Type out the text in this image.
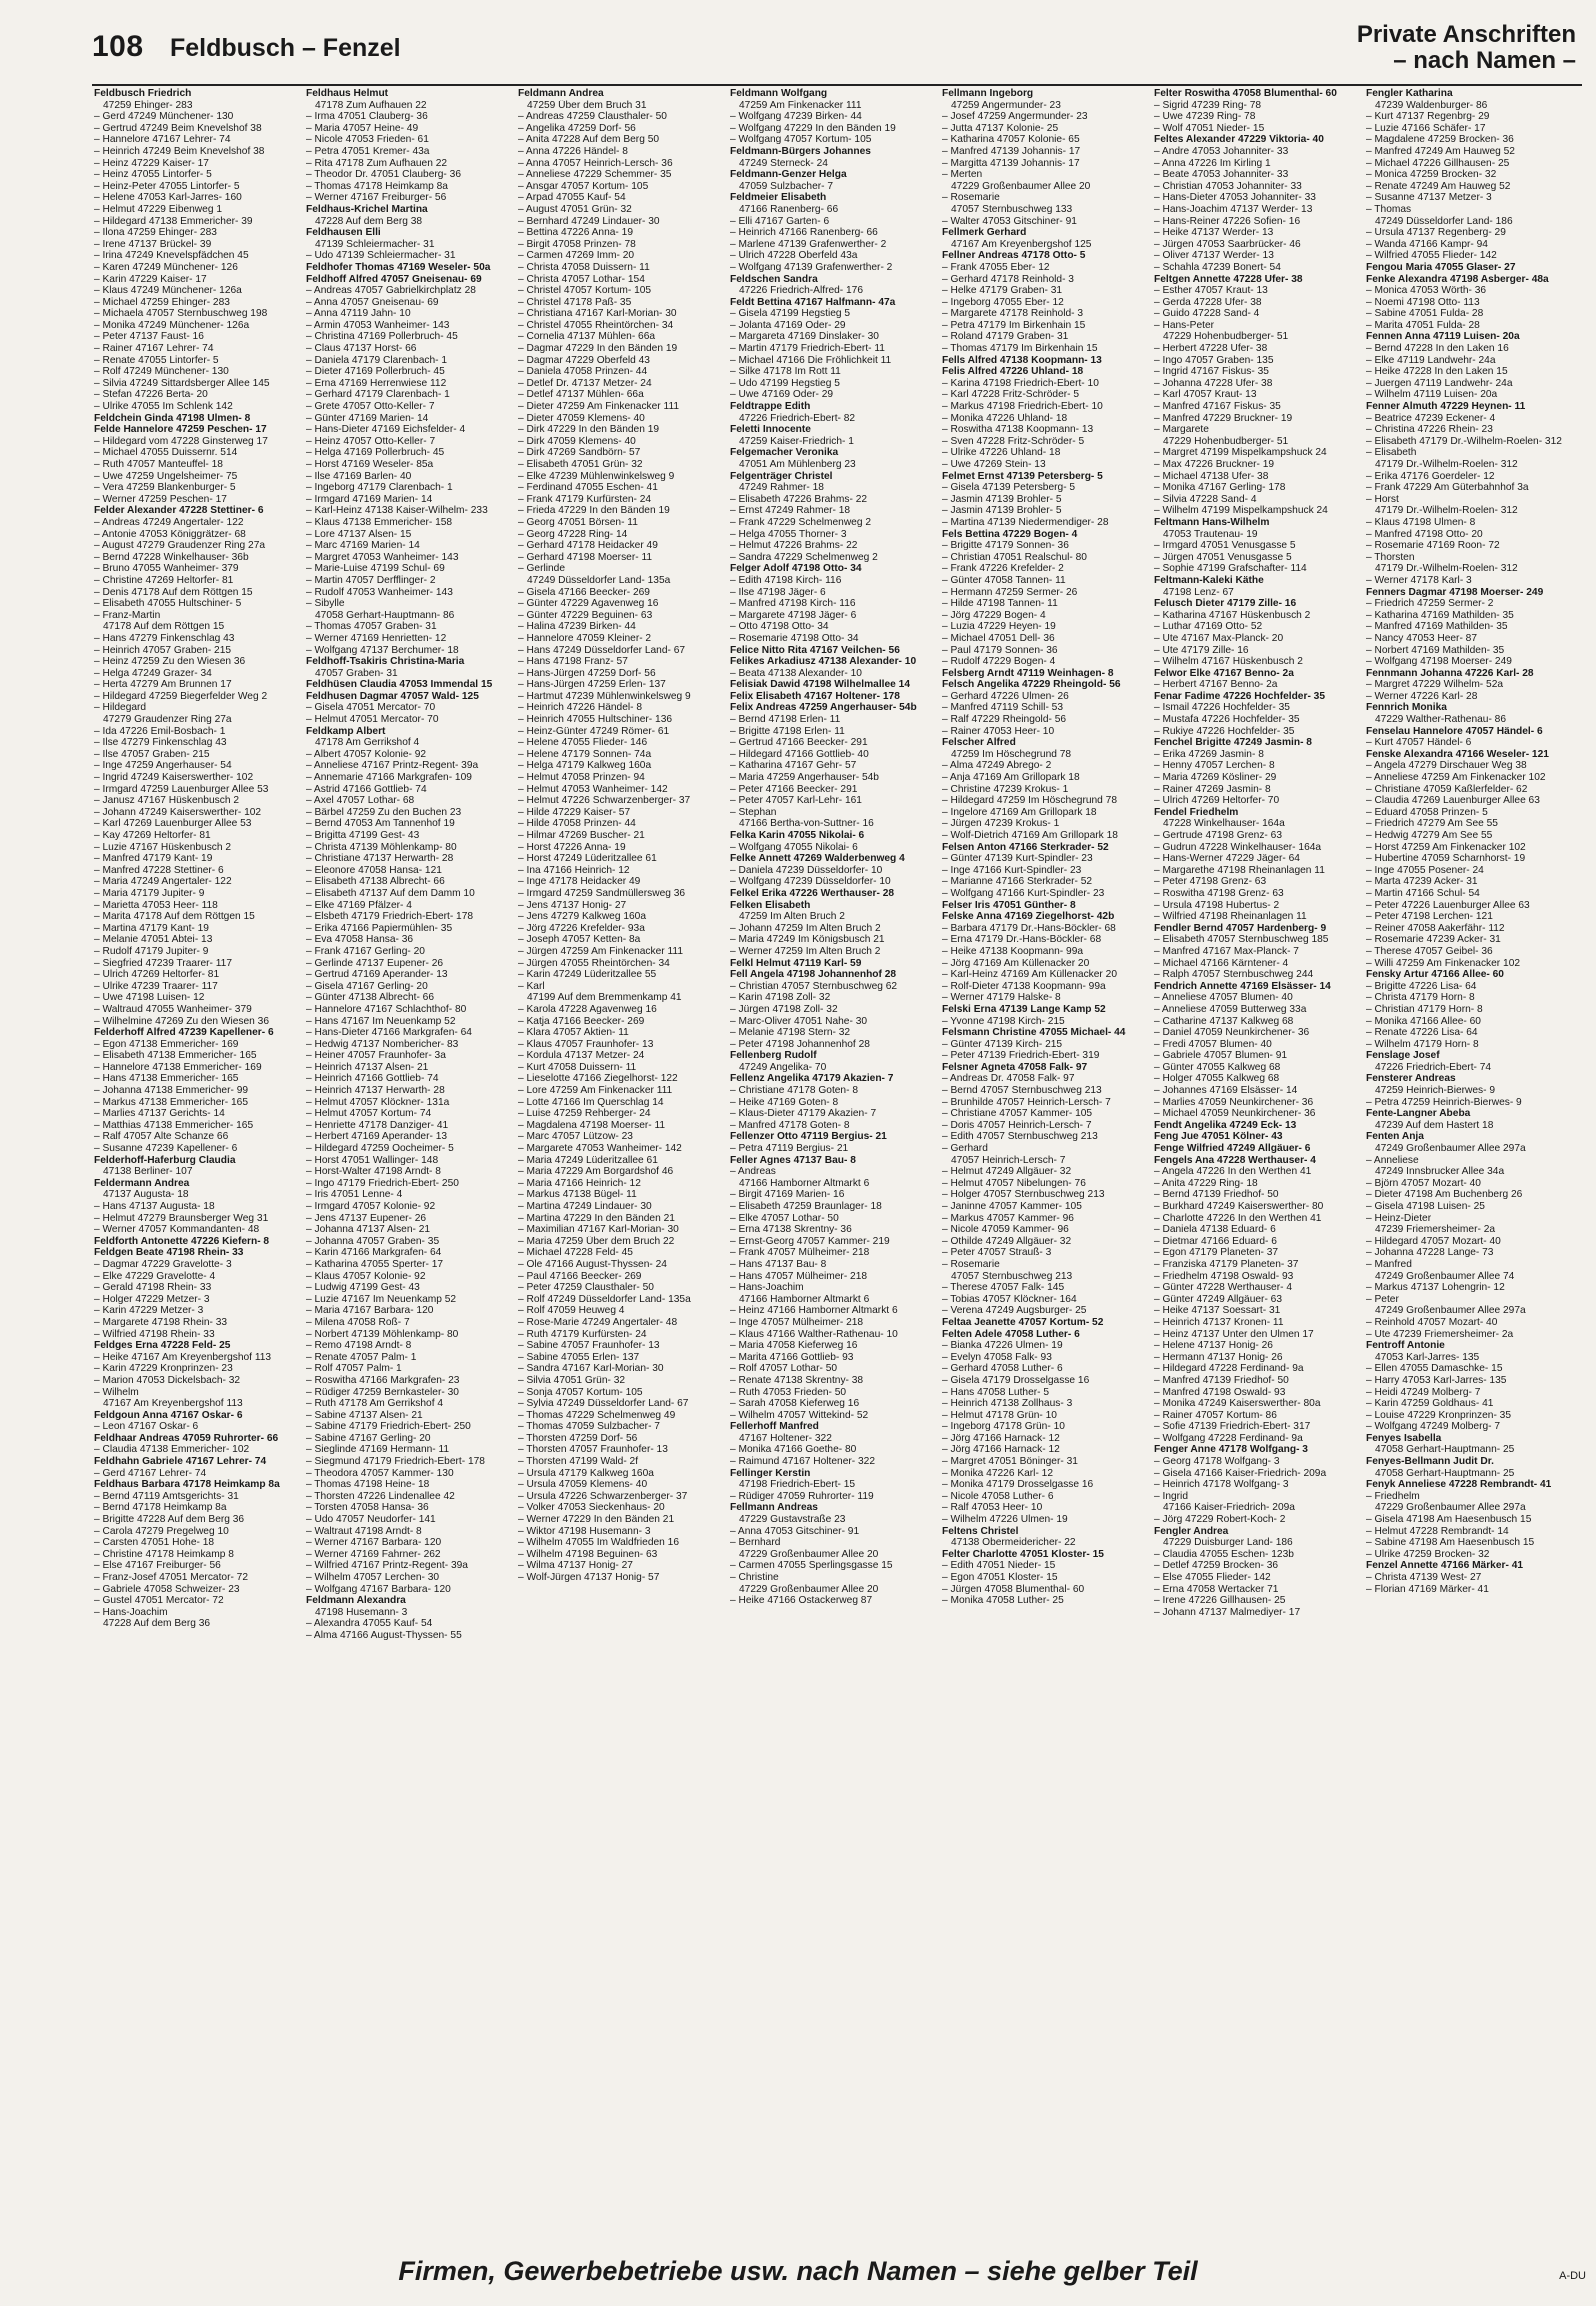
108 Feldbusch – Fenzel	Private Anschriften
– nach Namen –
Feldbusch Friedrich
47259 Ehinger- 283
– Gerd 47249 Münchener- 130
– Gertrud 47249 Beim Knevelshof 38
– Hannelore 47167 Lehrer- 74
– Heinrich 47249 Beim Knevelshof 38
– Heinz 47229 Kaiser- 17
– Heinz 47055 Lintorfer- 5
– Heinz-Peter 47055 Lintorfer- 5
– Helene 47053 Karl-Jarres- 160
– Helmut 47229 Eibenweg 1
– Hildegard 47138 Emmericher- 39
– Ilona 47259 Ehinger- 283
– Irene 47137 Brückel- 39
– Irina 47249 Knevelspfädchen 45
– Karen 47249 Münchener- 126
– Karin 47229 Kaiser- 17
– Klaus 47249 Münchener- 126a
– Michael 47259 Ehinger- 283
– Michaela 47057 Sternbuschweg 198
– Monika 47249 Münchener- 126a
– Peter 47137 Faust- 16
– Rainer 47167 Lehrer- 74
– Renate 47055 Lintorfer- 5
– Rolf 47249 Münchener- 130
– Silvia 47249 Sittardsberger Allee 145
– Stefan 47226 Berta- 20
– Ulrike 47055 Im Schlenk 142
Feldchein Ginda 47198 Ulmen- 8
Felde Hannelore 47259 Peschen- 17
– Hildegard vom 47228 Ginsterweg 17
– Michael 47055 Duissernr. 514
– Ruth 47057 Manteuffel- 18
– Uwe 47259 Ungelsheimer- 75
– Vera 47259 Blankenburger- 5
– Werner 47259 Peschen- 17
Felder Alexander 47228 Stettiner- 6
– Andreas 47249 Angertaler- 122
– Antonie 47053 Königgrätzer- 68
– August 47279 Graudenzer Ring 27a
– Bernd 47228 Winkelhauser- 36b
– Bruno 47055 Wanheimer- 379
– Christine 47269 Heltorfer- 81
– Denis 47178 Auf dem Röttgen 15
– Elisabeth 47055 Hultschiner- 5
– Franz-Martin
47178 Auf dem Röttgen 15
– Hans 47279 Finkenschlag 43
– Heinrich 47057 Graben- 215
– Heinz 47259 Zu den Wiesen 36
– Helga 47249 Grazer- 34
– Herta 47279 Am Brunnen 17
– Hildegard 47259 Biegerfelder Weg 2
– Hildegard
47279 Graudenzer Ring 27a
– Ida 47226 Emil-Bosbach- 1
– Ilse 47279 Finkenschlag 43
– Ilse 47057 Graben- 215
– Inge 47259 Angerhauser- 54
– Ingrid 47249 Kaiserswerther- 102
– Irmgard 47259 Lauenburger Allee 53
– Janusz 47167 Hüskenbusch 2
– Johann 47249 Kaiserswerther- 102
– Karl 47269 Lauenburger Allee 53
– Kay 47269 Heltorfer- 81
– Luzie 47167 Hüskenbusch 2
– Manfred 47179 Kant- 19
– Manfred 47228 Stettiner- 6
– Maria 47249 Angertaler- 122
– Maria 47179 Jupiter- 9
– Marietta 47053 Heer- 118
– Marita 47178 Auf dem Röttgen 15
– Martina 47179 Kant- 19
– Melanie 47051 Abtei- 13
– Rudolf 47179 Jupiter- 9
– Siegfried 47239 Traarer- 117
– Ulrich 47269 Heltorfer- 81
– Ulrike 47239 Traarer- 117
– Uwe 47198 Luisen- 12
– Waltraud 47055 Wanheimer- 379
– Wilhelmine 47269 Zu den Wiesen 36
Felderhoff Alfred 47239 Kapellener- 6
– Egon 47138 Emmericher- 169
– Elisabeth 47138 Emmericher- 165
– Hannelore 47138 Emmericher- 169
– Hans 47138 Emmericher- 165
– Johanna 47138 Emmericher- 99
– Markus 47138 Emmericher- 165
– Marlies 47137 Gerichts- 14
– Matthias 47138 Emmericher- 165
– Ralf 47057 Alte Schanze 66
– Susanne 47239 Kapellener- 6
Felderhoff-Haferburg Claudia
47138 Berliner- 107
Feldermann Andrea
47137 Augusta- 18
– Hans 47137 Augusta- 18
– Helmut 47279 Braunsberger Weg 31
– Werner 47057 Kommandanten- 48
Feldforth Antonette 47226 Kiefern- 8
Feldgen Beate 47198 Rhein- 33
– Dagmar 47229 Gravelotte- 3
– Elke 47229 Gravelotte- 4
– Gerald 47198 Rhein- 33
– Holger 47229 Metzer- 3
– Karin 47229 Metzer- 3
– Margarete 47198 Rhein- 33
– Wilfried 47198 Rhein- 33
Feldges Erna 47228 Feld- 25
– Heike 47167 Am Kreyenbergshof 113
– Karin 47229 Kronprinzen- 23
– Marion 47053 Dickelsbach- 32
– Wilhelm
47167 Am Kreyenbergshof 113
Feldgoun Anna 47167 Oskar- 6
– Leon 47167 Oskar- 6
Feldhaar Andreas 47059 Ruhrorter- 66
– Claudia 47138 Emmericher- 102
Feldhahn Gabriele 47167 Lehrer- 74
– Gerd 47167 Lehrer- 74
Feldhaus Barbara 47178 Heimkamp 8a
– Bernd 47119 Amtsgerichts- 31
– Bernd 47178 Heimkamp 8a
– Brigitte 47228 Auf dem Berg 36
– Carola 47279 Pregelweg 10
– Carsten 47051 Hohe- 18
– Christine 47178 Heimkamp 8
– Else 47167 Freiburger- 56
– Franz-Josef 47051 Mercator- 72
– Gabriele 47058 Schweizer- 23
– Gustel 47051 Mercator- 72
– Hans-Joachim
47228 Auf dem Berg 36
Feldhaus Helmut
47178 Zum Aufhauen 22
– Irma 47051 Clauberg- 36
– Maria 47057 Heine- 49
– Nicole 47053 Frieden- 61
– Petra 47051 Kremer- 43a
– Rita 47178 Zum Aufhauen 22
– Theodor Dr. 47051 Clauberg- 36
– Thomas 47178 Heimkamp 8a
– Werner 47167 Freiburger- 56
Feldhaus-Krichel Martina
47228 Auf dem Berg 38
Feldhausen Elli
47139 Schleiermacher- 31
– Udo 47139 Schleiermacher- 31
Feldhofer Thomas 47169 Weseler- 50a
Feldhoff Alfred 47057 Gneisenau- 69
– Andreas 47057 Gabrielkirchplatz 28
– Anna 47057 Gneisenau- 69
– Anna 47119 Jahn- 10
– Armin 47053 Wanheimer- 143
– Christina 47169 Pollerbruch- 45
– Claus 47137 Horst- 66
– Daniela 47179 Clarenbach- 1
– Dieter 47169 Pollerbruch- 45
– Erna 47169 Herrenwiese 112
– Gerhard 47179 Clarenbach- 1
– Grete 47057 Otto-Keller- 7
– Günter 47169 Marien- 14
– Hans-Dieter 47169 Eichsfelder- 4
– Heinz 47057 Otto-Keller- 7
– Helga 47169 Pollerbruch- 45
– Horst 47169 Weseler- 85a
– Ilse 47169 Barlen- 40
– Ingeborg 47179 Clarenbach- 1
– Irmgard 47169 Marien- 14
– Karl-Heinz 47138 Kaiser-Wilhelm- 233
– Klaus 47138 Emmericher- 158
– Lore 47137 Alsen- 15
– Marc 47169 Marien- 14
– Margret 47053 Wanheimer- 143
– Marie-Luise 47199 Schul- 69
– Martin 47057 Derfflinger- 2
– Rudolf 47053 Wanheimer- 143
– Sibylle
47058 Gerhart-Hauptmann- 86
– Thomas 47057 Graben- 31
– Werner 47169 Henrietten- 12
– Wolfgang 47137 Berchumer- 18
Feldhoff-Tsakiris Christina-Maria
47057 Graben- 31
Feldhüsen Claudia 47053 Immendal 15
Feldhusen Dagmar 47057 Wald- 125
– Gisela 47051 Mercator- 70
– Helmut 47051 Mercator- 70
Feldkamp Albert
47178 Am Gerrikshof 4
– Albert 47057 Kolonie- 92
– Anneliese 47167 Printz-Regent- 39a
– Annemarie 47166 Markgrafen- 109
– Astrid 47166 Gottlieb- 74
– Axel 47057 Lothar- 68
– Bärbel 47259 Zu den Buchen 23
– Bernd 47053 Am Tannenhof 19
– Brigitta 47199 Gest- 43
– Christa 47139 Möhlenkamp- 80
– Christiane 47137 Herwarth- 28
– Eleonore 47058 Hansa- 121
– Elisabeth 47138 Albrecht- 66
– Elisabeth 47137 Auf dem Damm 10
– Elke 47169 Pfälzer- 4
– Elsbeth 47179 Friedrich-Ebert- 178
– Erika 47166 Papiermühlen- 35
– Eva 47058 Hansa- 36
– Frank 47167 Gerling- 20
– Gerlinde 47137 Eupener- 26
– Gertrud 47169 Aperander- 13
– Gisela 47167 Gerling- 20
– Günter 47138 Albrecht- 66
– Hannelore 47167 Schlachthof- 80
– Hans 47167 Im Neuenkamp 52
– Hans-Dieter 47166 Markgrafen- 64
– Hedwig 47137 Nombericher- 83
– Heiner 47057 Fraunhofer- 3a
– Heinrich 47137 Alsen- 21
– Heinrich 47166 Gottlieb- 74
– Heinrich 47137 Herwarth- 28
– Helmut 47057 Klöckner- 131a
– Helmut 47057 Kortum- 74
– Henriette 47178 Danziger- 41
– Herbert 47169 Aperander- 13
– Hildegard 47259 Oocheimer- 5
– Horst 47051 Wallinger- 148
– Horst-Walter 47198 Arndt- 8
– Ingo 47179 Friedrich-Ebert- 250
– Iris 47051 Lenne- 4
– Irmgard 47057 Kolonie- 92
– Jens 47137 Eupener- 26
– Johanna 47137 Alsen- 21
– Johanna 47057 Graben- 35
– Karin 47166 Markgrafen- 64
– Katharina 47055 Sperter- 17
– Klaus 47057 Kolonie- 92
– Ludwig 47199 Gest- 43
– Luzie 47167 Im Neuenkamp 52
– Maria 47167 Barbara- 120
– Milena 47058 Roß- 7
– Norbert 47139 Möhlenkamp- 80
– Remo 47198 Arndt- 8
– Renate 47057 Palm- 1
– Rolf 47057 Palm- 1
– Roswitha 47166 Markgrafen- 23
– Rüdiger 47259 Bernkasteler- 30
– Ruth 47178 Am Gerrikshof 4
– Sabine 47137 Alsen- 21
– Sabine 47179 Friedrich-Ebert- 250
– Sabine 47167 Gerling- 20
– Sieglinde 47169 Hermann- 11
– Siegmund 47179 Friedrich-Ebert- 178
– Theodora 47057 Kammer- 130
– Thomas 47198 Heine- 18
– Thorsten 47226 Lindenallee 42
– Torsten 47058 Hansa- 36
– Udo 47057 Neudorfer- 141
– Waltraut 47198 Arndt- 8
– Werner 47167 Barbara- 120
– Werner 47169 Fahrner- 262
– Wilfried 47167 Printz-Regent- 39a
– Wilhelm 47057 Lerchen- 30
– Wolfgang 47167 Barbara- 120
Feldmann Alexandra
47198 Husemann- 3
– Alexandra 47055 Kauf- 54
– Alma 47166 August-Thyssen- 55
Feldmann Andrea
47259 Über dem Bruch 31
– Andreas 47259 Clausthaler- 50
– Angelika 47259 Dorf- 56
– Anita 47228 Auf dem Berg 50
– Anna 47226 Händel- 8
– Anna 47057 Heinrich-Lersch- 36
– Anneliese 47229 Schemmer- 35
– Ansgar 47057 Kortum- 105
– Arpad 47055 Kauf- 54
– August 47051 Grün- 32
– Bernhard 47249 Lindauer- 30
– Bettina 47226 Anna- 19
– Birgit 47058 Prinzen- 78
– Carmen 47269 Imm- 20
– Christa 47058 Duissern- 11
– Christa 47057 Lothar- 154
– Christel 47057 Kortum- 105
– Christel 47178 Paß- 35
– Christiana 47167 Karl-Morian- 30
– Christel 47055 Rheintörchen- 34
– Cornelia 47137 Mühlen- 66a
– Dagmar 47229 In den Bänden 19
– Dagmar 47229 Oberfeld 43
– Daniela 47058 Prinzen- 44
– Detlef Dr. 47137 Metzer- 24
– Detlef 47137 Mühlen- 66a
– Dieter 47259 Am Finkenacker 111
– Dieter 47059 Klemens- 40
– Dirk 47229 In den Bänden 19
– Dirk 47059 Klemens- 40
– Dirk 47269 Sandbörn- 57
– Elisabeth 47051 Grün- 32
– Elke 47239 Mühlenwinkelsweg 9
– Ferdinand 47055 Eschen- 41
– Frank 47179 Kurfürsten- 24
– Frieda 47229 In den Bänden 19
– Georg 47051 Börsen- 11
– Georg 47228 Ring- 14
– Gerhard 47178 Heidacker 49
– Gerhard 47198 Moerser- 11
– Gerlinde
47249 Düsseldorfer Land- 135a
– Gisela 47166 Beecker- 269
– Günter 47229 Agavenweg 16
– Günter 47229 Beguinen- 63
– Halina 47239 Birken- 44
– Hannelore 47059 Kleiner- 2
– Hans 47249 Düsseldorfer Land- 67
– Hans 47198 Franz- 57
– Hans-Jürgen 47259 Dorf- 56
– Hans-Jürgen 47259 Erlen- 137
– Hartmut 47239 Mühlenwinkelsweg 9
– Heinrich 47226 Händel- 8
– Heinrich 47055 Hultschiner- 136
– Heinz-Günter 47249 Römer- 61
– Helene 47055 Flieder- 146
– Helene 47179 Sonnen- 74a
– Helga 47179 Kalkweg 160a
– Helmut 47058 Prinzen- 94
– Helmut 47053 Wanheimer- 142
– Helmut 47226 Schwarzenberger- 37
– Hilde 47229 Kaiser- 57
– Hilde 47058 Prinzen- 44
– Hilmar 47269 Buscher- 21
– Horst 47226 Anna- 19
– Horst 47249 Lüderitzallee 61
– Ina 47166 Heinrich- 12
– Inge 47178 Heidacker 49
– Irmgard 47259 Sandmüllersweg 36
– Jens 47137 Honig- 27
– Jens 47279 Kalkweg 160a
– Jörg 47226 Krefelder- 93a
– Joseph 47057 Ketten- 8a
– Jürgen 47259 Am Finkenacker 111
– Jürgen 47055 Rheintörchen- 34
– Karin 47249 Lüderitzallee 55
– Karl
47199 Auf dem Bremmenkamp 41
– Karola 47228 Agavenweg 16
– Katja 47166 Beecker- 269
– Klara 47057 Aktien- 11
– Klaus 47057 Fraunhofer- 13
– Kordula 47137 Metzer- 24
– Kurt 47058 Duissern- 11
– Lieselotte 47166 Ziegelhorst- 122
– Lore 47259 Am Finkenacker 111
– Lotte 47166 Im Querschlag 14
– Luise 47259 Rehberger- 24
– Magdalena 47198 Moerser- 11
– Marc 47057 Lützow- 23
– Margarete 47053 Wanheimer- 142
– Maria 47249 Lüderitzallee 61
– Maria 47229 Am Borgardshof 46
– Maria 47166 Heinrich- 12
– Markus 47138 Bügel- 11
– Martina 47249 Lindauer- 30
– Martina 47229 In den Bänden 21
– Maximilian 47167 Karl-Morian- 30
– Maria 47259 Über dem Bruch 22
– Michael 47228 Feld- 45
– Ole 47166 August-Thyssen- 24
– Paul 47166 Beecker- 269
– Peter 47259 Clausthaler- 50
– Rolf 47249 Düsseldorfer Land- 135a
– Rolf 47059 Heuweg 4
– Rose-Marie 47249 Angertaler- 48
– Ruth 47179 Kurfürsten- 24
– Sabine 47057 Fraunhofer- 13
– Sabine 47055 Erlen- 137
– Sandra 47167 Karl-Morian- 30
– Silvia 47051 Grün- 32
– Sonja 47057 Kortum- 105
– Sylvia 47249 Düsseldorfer Land- 67
– Thomas 47229 Schelmenweg 49
– Thomas 47059 Sulzbacher- 7
– Thorsten 47259 Dorf- 56
– Thorsten 47057 Fraunhofer- 13
– Thorsten 47199 Wald- 2f
– Ursula 47179 Kalkweg 160a
– Ursula 47059 Klemens- 40
– Ursula 47226 Schwarzenberger- 37
– Volker 47053 Sieckenhaus- 20
– Werner 47229 In den Bänden 21
– Wiktor 47198 Husemann- 3
– Wilhelm 47055 Im Waldfrieden 16
– Wilhelm 47198 Beguinen- 63
– Wilma 47137 Honig- 27
– Wolf-Jürgen 47137 Honig- 57
Feldmann Wolfgang
47259 Am Finkenacker 111
– Wolfgang 47239 Birken- 44
– Wolfgang 47229 In den Bänden 19
– Wolfgang 47057 Kortum- 105
Feldmann-Bürgers Johannes
47249 Sterneck- 24
Feldmann-Genzer Helga
47059 Sulzbacher- 7
Feldmeier Elisabeth
47166 Ranenberg- 66
– Elli 47167 Garten- 6
– Heinrich 47166 Ranenberg- 66
– Marlene 47139 Grafenwerther- 2
– Ulrich 47228 Oberfeld 43a
– Wolfgang 47139 Grafenwerther- 2
Feldschen Sandra
47226 Friedrich-Alfred- 176
Feldt Bettina 47167 Halfmann- 47a
– Gisela 47199 Hegstieg 5
– Jolanta 47169 Oder- 29
– Margareta 47169 Dinslaker- 30
– Martin 47179 Friedrich-Ebert- 11
– Michael 47166 Die Fröhlichkeit 11
– Silke 47178 Im Rott 11
– Udo 47199 Hegstieg 5
– Uwe 47169 Oder- 29
Feldtrappe Edith
47226 Friedrich-Ebert- 82
Feletti Innocente
47259 Kaiser-Friedrich- 1
Felgemacher Veronika
47051 Am Mühlenberg 23
Felgenträger Christel
47249 Rahmer- 18
– Elisabeth 47226 Brahms- 22
– Ernst 47249 Rahmer- 18
– Frank 47229 Schelmenweg 2
– Helga 47055 Thorner- 3
– Helmut 47226 Brahms- 22
– Sandra 47229 Schelmenweg 2
Felger Adolf 47198 Otto- 34
– Edith 47198 Kirch- 116
– Ilse 47198 Jäger- 6
– Manfred 47198 Kirch- 116
– Margarete 47198 Jäger- 6
– Otto 47198 Otto- 34
– Rosemarie 47198 Otto- 34
Felice Nitto Rita 47167 Veilchen- 56
Felikes Arkadiusz 47138 Alexander- 10
– Beata 47138 Alexander- 10
Felisiak Dawid 47198 Wilhelmallee 14
Felix Elisabeth 47167 Holtener- 178
Felix Andreas 47259 Angerhauser- 54b
– Bernd 47198 Erlen- 11
– Brigitte 47198 Erlen- 11
– Gertrud 47166 Beecker- 291
– Hildegard 47166 Gottlieb- 40
– Katharina 47167 Gehr- 57
– Maria 47259 Angerhauser- 54b
– Peter 47166 Beecker- 291
– Peter 47057 Karl-Lehr- 161
– Stephan
47166 Bertha-von-Suttner- 16
Felka Karin 47055 Nikolai- 6
– Wolfgang 47055 Nikolai- 6
Felke Annett 47269 Walderbenweg 4
– Daniela 47239 Düsseldorfer- 10
– Wolfgang 47239 Düsseldorfer- 10
Felkel Erika 47226 Werthauser- 28
Felken Elisabeth
47259 Im Alten Bruch 2
– Johann 47259 Im Alten Bruch 2
– Maria 47249 Im Königsbusch 21
– Werner 47259 Im Alten Bruch 2
Felkl Helmut 47119 Karl- 59
Fell Angela 47198 Johannenhof 28
– Christian 47057 Sternbuschweg 62
– Karin 47198 Zoll- 32
– Jürgen 47198 Zoll- 32
– Marc-Oliver 47051 Nahe- 30
– Melanie 47198 Stern- 32
– Peter 47198 Johannenhof 28
Fellenberg Rudolf
47249 Angelika- 70
Fellenz Angelika 47179 Akazien- 7
– Christiane 47178 Goten- 8
– Heike 47169 Goten- 8
– Klaus-Dieter 47179 Akazien- 7
– Manfred 47178 Goten- 8
Fellenzer Otto 47119 Bergius- 21
– Petra 47119 Bergius- 21
Feller Agnes 47137 Bau- 8
– Andreas
47166 Hamborner Altmarkt 6
– Birgit 47169 Marien- 16
– Elisabeth 47259 Braunlager- 18
– Elke 47057 Lothar- 50
– Erna 47138 Skrentny- 36
– Ernst-Georg 47057 Kammer- 219
– Frank 47057 Mülheimer- 218
– Hans 47137 Bau- 8
– Hans 47057 Mülheimer- 218
– Hans-Joachim
47166 Hamborner Altmarkt 6
– Heinz 47166 Hamborner Altmarkt 6
– Inge 47057 Mülheimer- 218
– Klaus 47166 Walther-Rathenau- 10
– Maria 47058 Kieferweg 16
– Marita 47166 Gottlieb- 93
– Rolf 47057 Lothar- 50
– Renate 47138 Skrentny- 38
– Ruth 47053 Frieden- 50
– Sarah 47058 Kieferweg 16
– Wilhelm 47057 Wittekind- 52
Fellerhoff Manfred
47167 Holtener- 322
– Monika 47166 Goethe- 80
– Raimund 47167 Holtener- 322
Fellinger Kerstin
47198 Friedrich-Ebert- 15
– Rüdiger 47059 Ruhrorter- 119
Fellmann Andreas
47229 Gustavstraße 23
– Anna 47053 Gitschiner- 91
– Bernhard
47229 Großenbaumer Allee 20
– Carmen 47055 Sperlingsgasse 15
– Christine
47229 Großenbaumer Allee 20
– Heike 47166 Ostackerweg 87
Fellmann Ingeborg
47259 Angermunder- 23
– Josef 47259 Angermunder- 23
– Jutta 47137 Kolonie- 25
– Katharina 47057 Kolonie- 65
– Manfred 47139 Johannis- 17
– Margitta 47139 Johannis- 17
– Merten
47229 Großenbaumer Allee 20
– Rosemarie
47057 Sternbuschweg 133
– Walter 47053 Gitschiner- 91
Fellmerk Gerhard
47167 Am Kreyenbergshof 125
Fellner Andreas 47178 Otto- 5
– Frank 47055 Eber- 12
– Gerhard 47178 Reinhold- 3
– Helke 47179 Graben- 31
– Ingeborg 47055 Eber- 12
– Margarete 47178 Reinhold- 3
– Petra 47179 Im Birkenhain 15
– Roland 47179 Graben- 31
– Thomas 47179 Im Birkenhain 15
Fells Alfred 47138 Koopmann- 13
Felis Alfred 47226 Uhland- 18
– Karina 47198 Friedrich-Ebert- 10
– Karl 47228 Fritz-Schröder- 5
– Markus 47198 Friedrich-Ebert- 10
– Monika 47226 Uhland- 18
– Roswitha 47138 Koopmann- 13
– Sven 47228 Fritz-Schröder- 5
– Ulrike 47226 Uhland- 18
– Uwe 47269 Stein- 13
Felmet Ernst 47139 Petersberg- 5
– Gisela 47139 Petersberg- 5
– Jasmin 47139 Brohler- 5
– Jasmin 47139 Brohler- 5
– Martina 47139 Niedermendiger- 28
Fels Bettina 47229 Bogen- 4
– Brigitte 47179 Sonnen- 36
– Christian 47051 Realschul- 80
– Frank 47226 Krefelder- 2
– Günter 47058 Tannen- 11
– Hermann 47259 Sermer- 26
– Hilde 47198 Tannen- 11
– Jörg 47229 Bogen- 4
– Luzia 47229 Heyen- 19
– Michael 47051 Dell- 36
– Paul 47179 Sonnen- 36
– Rudolf 47229 Bogen- 4
Felsberg Arndt 47119 Weinhagen- 8
Felsch Angelika 47229 Rheingold- 56
– Gerhard 47226 Ulmen- 26
– Manfred 47119 Schill- 53
– Ralf 47229 Rheingold- 56
– Rainer 47053 Heer- 10
Felscher Alfred
47259 Im Höschegrund 78
– Alma 47249 Abrego- 2
– Anja 47169 Am Grillopark 18
– Christine 47239 Krokus- 1
– Hildegard 47259 Im Höschegrund 78
– Ingelore 47169 Am Grillopark 18
– Jürgen 47239 Krokus- 1
– Wolf-Dietrich 47169 Am Grillopark 18
Felsen Anton 47166 Sterkrader- 52
– Günter 47139 Kurt-Spindler- 23
– Inge 47166 Kurt-Spindler- 23
– Marianne 47166 Sterkrader- 52
– Wolfgang 47166 Kurt-Spindler- 23
Felser Iris 47051 Günther- 8
Felske Anna 47169 Ziegelhorst- 42b
– Barbara 47179 Dr.-Hans-Böckler- 68
– Erna 47179 Dr.-Hans-Böckler- 68
– Heike 47138 Koopmann- 99a
– Jörg 47169 Am Küllenacker 20
– Karl-Heinz 47169 Am Küllenacker 20
– Rolf-Dieter 47138 Koopmann- 99a
– Werner 47179 Halske- 8
Felski Erna 47139 Lange Kamp 52
– Yvonne 47198 Kirch- 215
Felsmann Christine 47055 Michael- 44
– Günter 47139 Kirch- 215
– Peter 47139 Friedrich-Ebert- 319
Felsner Agneta 47058 Falk- 97
– Andreas Dr. 47058 Falk- 97
– Bernd 47057 Sternbuschweg 213
– Brunhilde 47057 Heinrich-Lersch- 7
– Christiane 47057 Kammer- 105
– Doris 47057 Heinrich-Lersch- 7
– Edith 47057 Sternbuschweg 213
– Gerhard
47057 Heinrich-Lersch- 7
– Helmut 47249 Allgäuer- 32
– Helmut 47057 Nibelungen- 76
– Holger 47057 Sternbuschweg 213
– Janinne 47057 Kammer- 105
– Markus 47057 Kammer- 96
– Nicole 47059 Kammer- 96
– Othilde 47249 Allgäuer- 32
– Peter 47057 Strauß- 3
– Rosemarie
47057 Sternbuschweg 213
– Therese 47057 Falk- 145
– Tobias 47057 Klöckner- 164
– Verena 47249 Augsburger- 25
Feltaa Jeanette 47057 Kortum- 52
Felten Adele 47058 Luther- 6
– Bianka 47226 Ulmen- 19
– Evelyn 47058 Falk- 93
– Gerhard 47058 Luther- 6
– Gisela 47179 Drosselgasse 16
– Hans 47058 Luther- 5
– Heinrich 47138 Zollhaus- 3
– Helmut 47178 Grün- 10
– Ingeborg 47178 Grün- 10
– Jörg 47166 Harnack- 12
– Jörg 47166 Harnack- 12
– Margret 47051 Böninger- 31
– Monika 47226 Karl- 12
– Monika 47179 Drosselgasse 16
– Nicole 47058 Luther- 6
– Ralf 47053 Heer- 10
– Wilhelm 47226 Ulmen- 19
Feltens Christel
47138 Obermeidericher- 22
Felter Charlotte 47051 Kloster- 15
– Edith 47051 Nieder- 15
– Egon 47051 Kloster- 15
– Jürgen 47058 Blumenthal- 60
– Monika 47058 Luther- 25
Felter Roswitha 47058 Blumenthal- 60
– Sigrid 47239 Ring- 78
– Uwe 47239 Ring- 78
– Wolf 47051 Nieder- 15
Feltes Alexander 47229 Viktoria- 40
– Andre 47053 Johanniter- 33
– Anna 47226 Im Kirling 1
– Beate 47053 Johanniter- 33
– Christian 47053 Johanniter- 33
– Hans-Dieter 47053 Johanniter- 33
– Hans-Joachim 47137 Werder- 13
– Hans-Reiner 47226 Sofien- 16
– Heike 47137 Werder- 13
– Jürgen 47053 Saarbrücker- 46
– Oliver 47137 Werder- 13
– Schahla 47239 Bonert- 54
Feltgen Annette 47228 Ufer- 38
– Esther 47057 Kraut- 13
– Gerda 47228 Ufer- 38
– Guido 47228 Sand- 4
– Hans-Peter
47229 Hohenbudberger- 51
– Herbert 47228 Ufer- 38
– Ingo 47057 Graben- 135
– Ingrid 47167 Fiskus- 35
– Johanna 47228 Ufer- 38
– Karl 47057 Kraut- 13
– Manfred 47167 Fiskus- 35
– Manfred 47229 Bruckner- 19
– Margarete
47229 Hohenbudberger- 51
– Margret 47199 Mispelkampshuck 24
– Max 47226 Bruckner- 19
– Michael 47138 Ufer- 38
– Monika 47167 Gerling- 178
– Silvia 47228 Sand- 4
– Wilhelm 47199 Mispelkampshuck 24
Feltmann Hans-Wilhelm
47053 Trautenau- 19
– Irmgard 47051 Venusgasse 5
– Jürgen 47051 Venusgasse 5
– Sophie 47199 Grafschafter- 114
Feltmann-Kaleki Käthe
47198 Lenz- 67
Felusch Dieter 47179 Zille- 16
– Katharina 47167 Hüskenbusch 2
– Luthar 47169 Otto- 52
– Ute 47167 Max-Planck- 20
– Ute 47179 Zille- 16
– Wilhelm 47167 Hüskenbusch 2
Felwor Elke 47167 Benno- 2a
– Herbert 47167 Benno- 2a
Fenar Fadime 47226 Hochfelder- 35
– Ismail 47226 Hochfelder- 35
– Mustafa 47226 Hochfelder- 35
– Rukiye 47226 Hochfelder- 35
Fenchel Brigitte 47249 Jasmin- 8
– Erika 47269 Jasmin- 8
– Henny 47057 Lerchen- 8
– Maria 47269 Kösliner- 29
– Rainer 47269 Jasmin- 8
– Ulrich 47269 Heltorfer- 70
Fendel Friedhelm
47228 Winkelhauser- 164a
– Gertrude 47198 Grenz- 63
– Gudrun 47228 Winkelhauser- 164a
– Hans-Werner 47229 Jäger- 64
– Margarethe 47198 Rheinanlagen 11
– Peter 47198 Grenz- 63
– Roswitha 47198 Grenz- 63
– Ursula 47198 Hubertus- 2
– Wilfried 47198 Rheinanlagen 11
Fendler Bernd 47057 Hardenberg- 9
– Elisabeth 47057 Sternbuschweg 185
– Manfred 47167 Max-Planck- 7
– Michael 47166 Kärntener- 4
– Ralph 47057 Sternbuschweg 244
Fendrich Annette 47169 Elsässer- 14
– Anneliese 47057 Blumen- 40
– Anneliese 47059 Butterweg 33a
– Catharine 47137 Kalkweg 68
– Daniel 47059 Neunkirchener- 36
– Fredi 47057 Blumen- 40
– Gabriele 47057 Blumen- 91
– Günter 47055 Kalkweg 68
– Holger 47055 Kalkweg 68
– Johannes 47169 Elsässer- 14
– Marlies 47059 Neunkirchener- 36
– Michael 47059 Neunkirchener- 36
Fendt Angelika 47249 Eck- 13
Feng Jue 47051 Kölner- 43
Fenge Wilfried 47249 Allgäuer- 6
Fengels Ana 47228 Werthauser- 4
– Angela 47226 In den Werthen 41
– Anita 47229 Ring- 18
– Bernd 47139 Friedhof- 50
– Burkhard 47249 Kaiserswerther- 80
– Charlotte 47226 In den Werthen 41
– Daniela 47138 Eduard- 6
– Dietmar 47166 Eduard- 6
– Egon 47179 Planeten- 37
– Franziska 47179 Planeten- 37
– Friedhelm 47198 Oswald- 93
– Günter 47228 Werthauser- 4
– Günter 47249 Allgäuer- 63
– Heike 47137 Soessart- 31
– Heinrich 47137 Kronen- 11
– Heinz 47137 Unter den Ulmen 17
– Helene 47137 Honig- 26
– Hermann 47137 Honig- 26
– Hildegard 47228 Ferdinand- 9a
– Manfred 47139 Friedhof- 50
– Manfred 47198 Oswald- 93
– Monika 47249 Kaiserswerther- 80a
– Rainer 47057 Kortum- 86
– Sofie 47139 Friedrich-Ebert- 317
– Wolfgang 47228 Ferdinand- 9a
Fenger Anne 47178 Wolfgang- 3
– Georg 47178 Wolfgang- 3
– Gisela 47166 Kaiser-Friedrich- 209a
– Heinrich 47178 Wolfgang- 3
– Ingrid
47166 Kaiser-Friedrich- 209a
– Jörg 47229 Robert-Koch- 2
Fengler Andrea
47229 Duisburger Land- 186
– Claudia 47055 Eschen- 123b
– Detlef 47259 Brocken- 36
– Else 47055 Flieder- 142
– Erna 47058 Wertacker 71
– Irene 47226 Gillhausen- 25
– Johann 47137 Malmediyer- 17
Fengler Katharina
47239 Waldenburger- 86
– Kurt 47137 Regenbrg- 29
– Luzie 47166 Schäfer- 17
– Magdalene 47259 Brocken- 36
– Manfred 47249 Am Hauweg 52
– Michael 47226 Gillhausen- 25
– Monica 47259 Brocken- 32
– Renate 47249 Am Hauweg 52
– Susanne 47137 Metzer- 3
– Thomas
47249 Düsseldorfer Land- 186
– Ursula 47137 Regenberg- 29
– Wanda 47166 Kampr- 94
– Wilfried 47055 Flieder- 142
Fengou Maria 47055 Glaser- 27
Fenke Alexandra 47198 Asberger- 48a
– Monica 47053 Wörth- 36
– Noemi 47198 Otto- 113
– Sabine 47051 Fulda- 28
– Marita 47051 Fulda- 28
Fennen Anna 47119 Luisen- 20a
– Bernd 47228 In den Laken 16
– Elke 47119 Landwehr- 24a
– Heike 47228 In den Laken 15
– Juergen 47119 Landwehr- 24a
– Wilhelm 47119 Luisen- 20a
Fenner Almuth 47229 Heynen- 11
– Beatrice 47239 Eckener- 4
– Christina 47226 Rhein- 23
– Elisabeth 47179 Dr.-Wilhelm-Roelen- 312
– Elisabeth
47179 Dr.-Wilhelm-Roelen- 312
– Erika 47176 Goerdeler- 12
– Frank 47229 Am Güterbahnhof 3a
– Horst
47179 Dr.-Wilhelm-Roelen- 312
– Klaus 47198 Ulmen- 8
– Manfred 47198 Otto- 20
– Rosemarie 47169 Roon- 72
– Thorsten
47179 Dr.-Wilhelm-Roelen- 312
– Werner 47178 Karl- 3
Fenners Dagmar 47198 Moerser- 249
– Friedrich 47259 Sermer- 2
– Katharina 47169 Mathilden- 35
– Manfred 47169 Mathilden- 35
– Nancy 47053 Heer- 87
– Norbert 47169 Mathilden- 35
– Wolfgang 47198 Moerser- 249
Fennmann Johanna 47226 Karl- 28
– Margret 47229 Wilhelm- 52a
– Werner 47226 Karl- 28
Fennrich Monika
47229 Walther-Rathenau- 86
Fenselau Hannelore 47057 Händel- 6
– Kurt 47057 Händel- 6
Fenske Alexandra 47166 Weseler- 121
– Angela 47279 Dirschauer Weg 38
– Anneliese 47259 Am Finkenacker 102
– Christiane 47059 Kaßlerfelder- 62
– Claudia 47269 Lauenburger Allee 63
– Eduard 47058 Prinzen- 5
– Friedrich 47279 Am See 55
– Hedwig 47279 Am See 55
– Horst 47259 Am Finkenacker 102
– Hubertine 47059 Scharnhorst- 19
– Inge 47055 Posener- 24
– Marta 47239 Acker- 31
– Martin 47166 Schul- 54
– Peter 47226 Lauenburger Allee 63
– Peter 47198 Lerchen- 121
– Reiner 47058 Aakerfähr- 112
– Rosemarie 47239 Acker- 31
– Therese 47057 Geibel- 36
– Willi 47259 Am Finkenacker 102
Fensky Artur 47166 Allee- 60
– Brigitte 47226 Lisa- 64
– Christa 47179 Horn- 8
– Christian 47179 Horn- 8
– Monika 47166 Allee- 60
– Renate 47226 Lisa- 64
– Wilhelm 47179 Horn- 8
Fenslage Josef
47226 Friedrich-Ebert- 74
Fensterer Andreas
47259 Heinrich-Bierwes- 9
– Petra 47259 Heinrich-Bierwes- 9
Fente-Langner Abeba
47239 Auf dem Hastert 18
Fenten Anja
47249 Großenbaumer Allee 297a
– Anneliese
47249 Innsbrucker Allee 34a
– Björn 47057 Mozart- 40
– Dieter 47198 Am Buchenberg 26
– Gisela 47198 Luisen- 25
– Heinz-Dieter
47239 Friemersheimer- 2a
– Hildegard 47057 Mozart- 40
– Johanna 47228 Lange- 73
– Manfred
47249 Großenbaumer Allee 74
– Markus 47137 Lohengrin- 12
– Peter
47249 Großenbaumer Allee 297a
– Reinhold 47057 Mozart- 40
– Ute 47239 Friemersheimer- 2a
Fentroff Antonie
47053 Karl-Jarres- 135
– Ellen 47055 Damaschke- 15
– Harry 47053 Karl-Jarres- 135
– Heidi 47249 Molberg- 7
– Karin 47259 Goldhaus- 41
– Louise 47229 Kronprinzen- 35
– Wolfgang 47249 Molberg- 7
Fenyes Isabella
47058 Gerhart-Hauptmann- 25
Fenyes-Bellmann Judit Dr.
47058 Gerhart-Hauptmann- 25
Fenyk Anneliese 47228 Rembrandt- 41
– Friedhelm
47229 Großenbaumer Allee 297a
– Gisela 47198 Am Haesenbusch 15
– Helmut 47228 Rembrandt- 14
– Sabine 47198 Am Haesenbusch 15
– Ulrike 47259 Brocken- 32
Fenzel Annette 47166 Märker- 41
– Christa 47139 West- 27
– Florian 47169 Märker- 41
Firmen, Gewerbebetriebe usw. nach Namen – siehe gelber Teil	A-DU
